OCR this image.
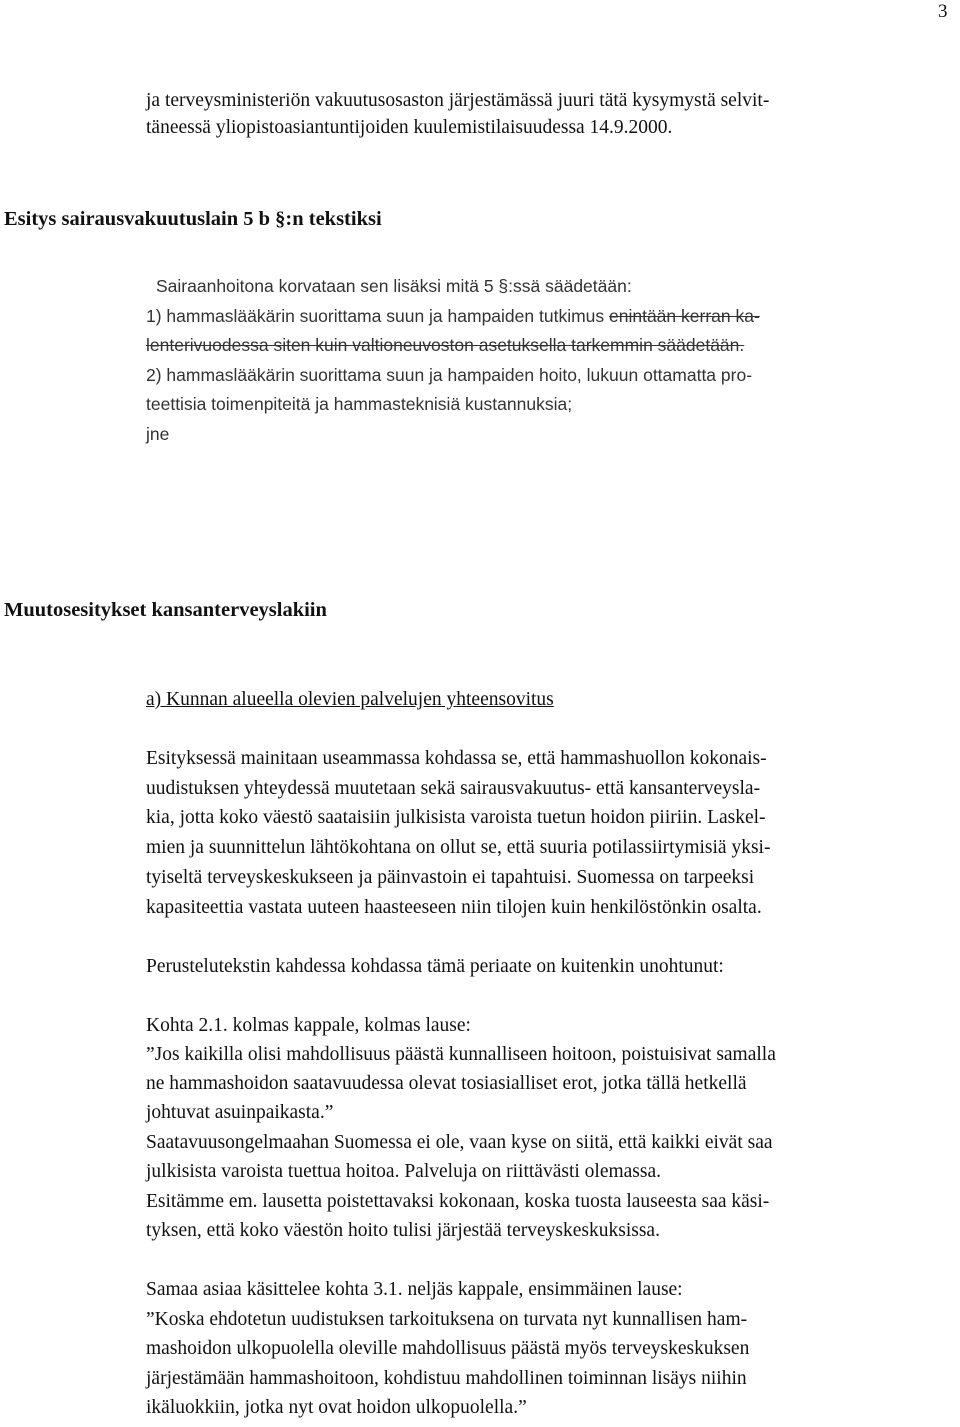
3
ja terveysministeriön vakuutusosaston järjestämässä juuri tätä kysymystä selvit-
täneessä yliopistoasiantuntijoiden kuulemistilaisuudessa 14.9.2000.
Esitys sairausvakuutuslain 5 b §:n tekstiksi
Sairaanhoitona korvataan sen lisäksi mitä 5 §:ssä säädetään:
1) hammaslääkärin suorittama suun ja hampaiden tutkimus enintään kerran ka-
lenterivuodessa siten kuin valtioneuvoston asetuksella tarkemmin säädetään.
2) hammaslääkärin suorittama suun ja hampaiden hoito, lukuun ottamatta pro-
teettisia toimenpiteitä ja hammasteknisiä kustannuksia;
jne
Muutosesitykset kansanterveyslakiin
a) Kunnan alueella olevien palvelujen yhteensovitus
Esityksessä mainitaan useammassa kohdassa se, että hammashuollon kokonais-
uudistuksen yhteydessä muutetaan sekä sairausvakuutus- että kansanterveysla-
kia, jotta koko väestö saataisiin julkisista varoista tuetun hoidon piiriin. Laskel-
mien ja suunnittelun lähtökohtana on ollut se, että suuria potilassiirtymisiä yksi-
tyiseltä terveyskeskukseen ja päinvastoin ei tapahtuisi. Suomessa on tarpeeksi
kapasiteettia vastata uuteen haasteeseen niin tilojen kuin henkilöstönkin osalta.
Perustelutekstin kahdessa kohdassa tämä periaate on kuitenkin unohtunut:
Kohta 2.1. kolmas kappale, kolmas lause:
”Jos kaikilla olisi mahdollisuus päästä kunnalliseen hoitoon, poistuisivat samalla
ne hammashoidon saatavuudessa olevat tosiasialliset erot, jotka tällä hetkellä
johtuvat asuinpaikasta.”
Saatavuusongelmaahan Suomessa ei ole, vaan kyse on siitä, että kaikki eivät saa
julkisista varoista tuettua hoitoa. Palveluja on riittävästi olemassa.
Esitämme em. lausetta poistettavaksi kokonaan, koska tuosta lauseesta saa käsi-
tyksen, että koko väestön hoito tulisi järjestää terveyskeskuksissa.
Samaa asiaa käsittelee kohta 3.1. neljäs kappale, ensimmäinen lause:
”Koska ehdotetun uudistuksen tarkoituksena on turvata nyt kunnallisen ham-
mashoidon ulkopuolella oleville mahdollisuus päästä myös terveyskeskuksen
järjestämään hammashoitoon, kohdistuu mahdollinen toiminnan lisäys niihin
ikäluokkiin, jotka nyt ovat hoidon ulkopuolella.”
